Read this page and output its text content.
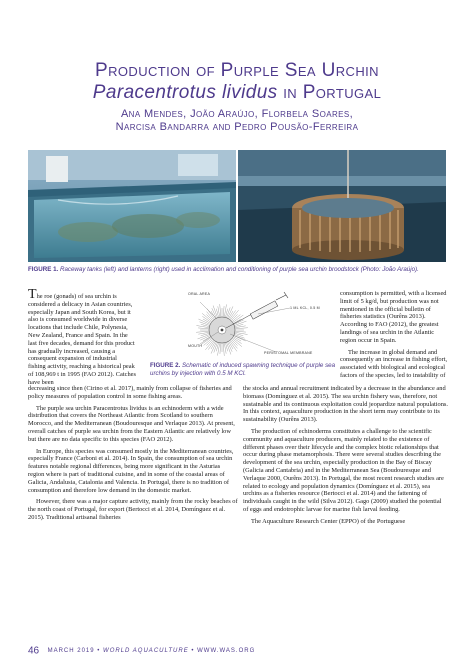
Production of Purple Sea Urchin
Paracentrotus lividus in Portugal
Ana Mendes, João Araújo, Florbela Soares,
Narcisa Bandarra and Pedro Pousão-Ferreira
FIGURE 1. Raceway tanks (left) and lanterns (right) used in acclimation and conditioning of purple sea urchin broodstock (Photo: João Araújo).

The roe (gonads) of sea urchin is considered a delicacy in Asian countries, especially Japan and South Korea, but it also is consumed worldwide in diverse locations that include Chile, Polynesia, New Zealand, France and Spain. In the last five decades, demand for this product has gradually increased, causing a consequent expansion of industrial fishing activity, reaching a historical peak of 108,969 t in 1995 (FAO 2012). Catches have been

ORAL AREA
1 ML KCL, 0.5 M
MOUTH
PERISTOMAL MEMBRANE
FIGURE 2. Schematic of induced spawning technique of purple sea urchins by injection with 0.5 M KCl.

consumption is permitted, with a licensed limit of 5 kg/d, but production was not mentioned in the official bulletin of fisheries statistics (Ourêns 2013). According to FAO (2012), the greatest landings of sea urchin in the Atlantic region occur in Spain.

The increase in global demand and consequently an increase in fishing effort, associated with biological and ecological factors of the species, led to instability of

decreasing since then (Cirino et al. 2017), mainly from collapse of fisheries and policy measures of population control in some fishing areas.

The purple sea urchin Paracentrotus lividus is an echinoderm with a wide distribution that covers the Northeast Atlantic from Scotland to southern Morocco, and the Mediterranean (Boudouresque and Verlaque 2013). At present, overall catches of purple sea urchin from the Eastern Atlantic are relatively low but there are no data specific to this species (FAO 2012).

In Europe, this species was consumed mostly in the Mediterranean countries, especially France (Carboni et al. 2014). In Spain, the consumption of sea urchin features notable regional differences, being more significant in the Asturias region where is part of traditional cuisine, and in some of the coastal areas of Galicia, Andalusia, Catalonia and Valencia. In Portugal, there is no tradition of consumption and therefore low demand in the domestic market.

However, there was a major capture activity, mainly from the rocky beaches of the north coast of Portugal, for export (Bertocci et al. 2014, Domínguez et al. 2015). Traditional artisanal fisheries

the stocks and annual recruitment indicated by a decrease in the abundance and biomass (Domínguez et al. 2015). The sea urchin fishery was, therefore, not sustainable and its continuous exploitation could jeopardize natural populations. In this context, aquaculture production in the short term may contribute to its sustainability (Ourêns 2013).

The production of echinoderms constitutes a challenge to the scientific community and aquaculture producers, mainly related to the existence of different phases over their lifecycle and the complex biotic relationships that occur during phase metamorphosis. There were several studies describing the development of the sea urchin, especially production in the Bay of Biscay (Galicia and Cantabria) and in the Mediterranean Sea (Boudouresque and Verlaque 2000, Ourêns 2013). In Portugal, the most recent research studies are related to ecology and population dynamics (Domínguez et al. 2015), sea urchins as a fisheries resource (Bertocci et al. 2014) and the fattening of individuals caught in the wild (Silva 2012). Gago (2009) studied the potential of eggs and endotrophic larvae for marine fish larval feeding.

The Aquaculture Research Center (EPPO) of the Portuguese

46 MARCH 2019 • WORLD AQUACULTURE • WWW.WAS.ORG
